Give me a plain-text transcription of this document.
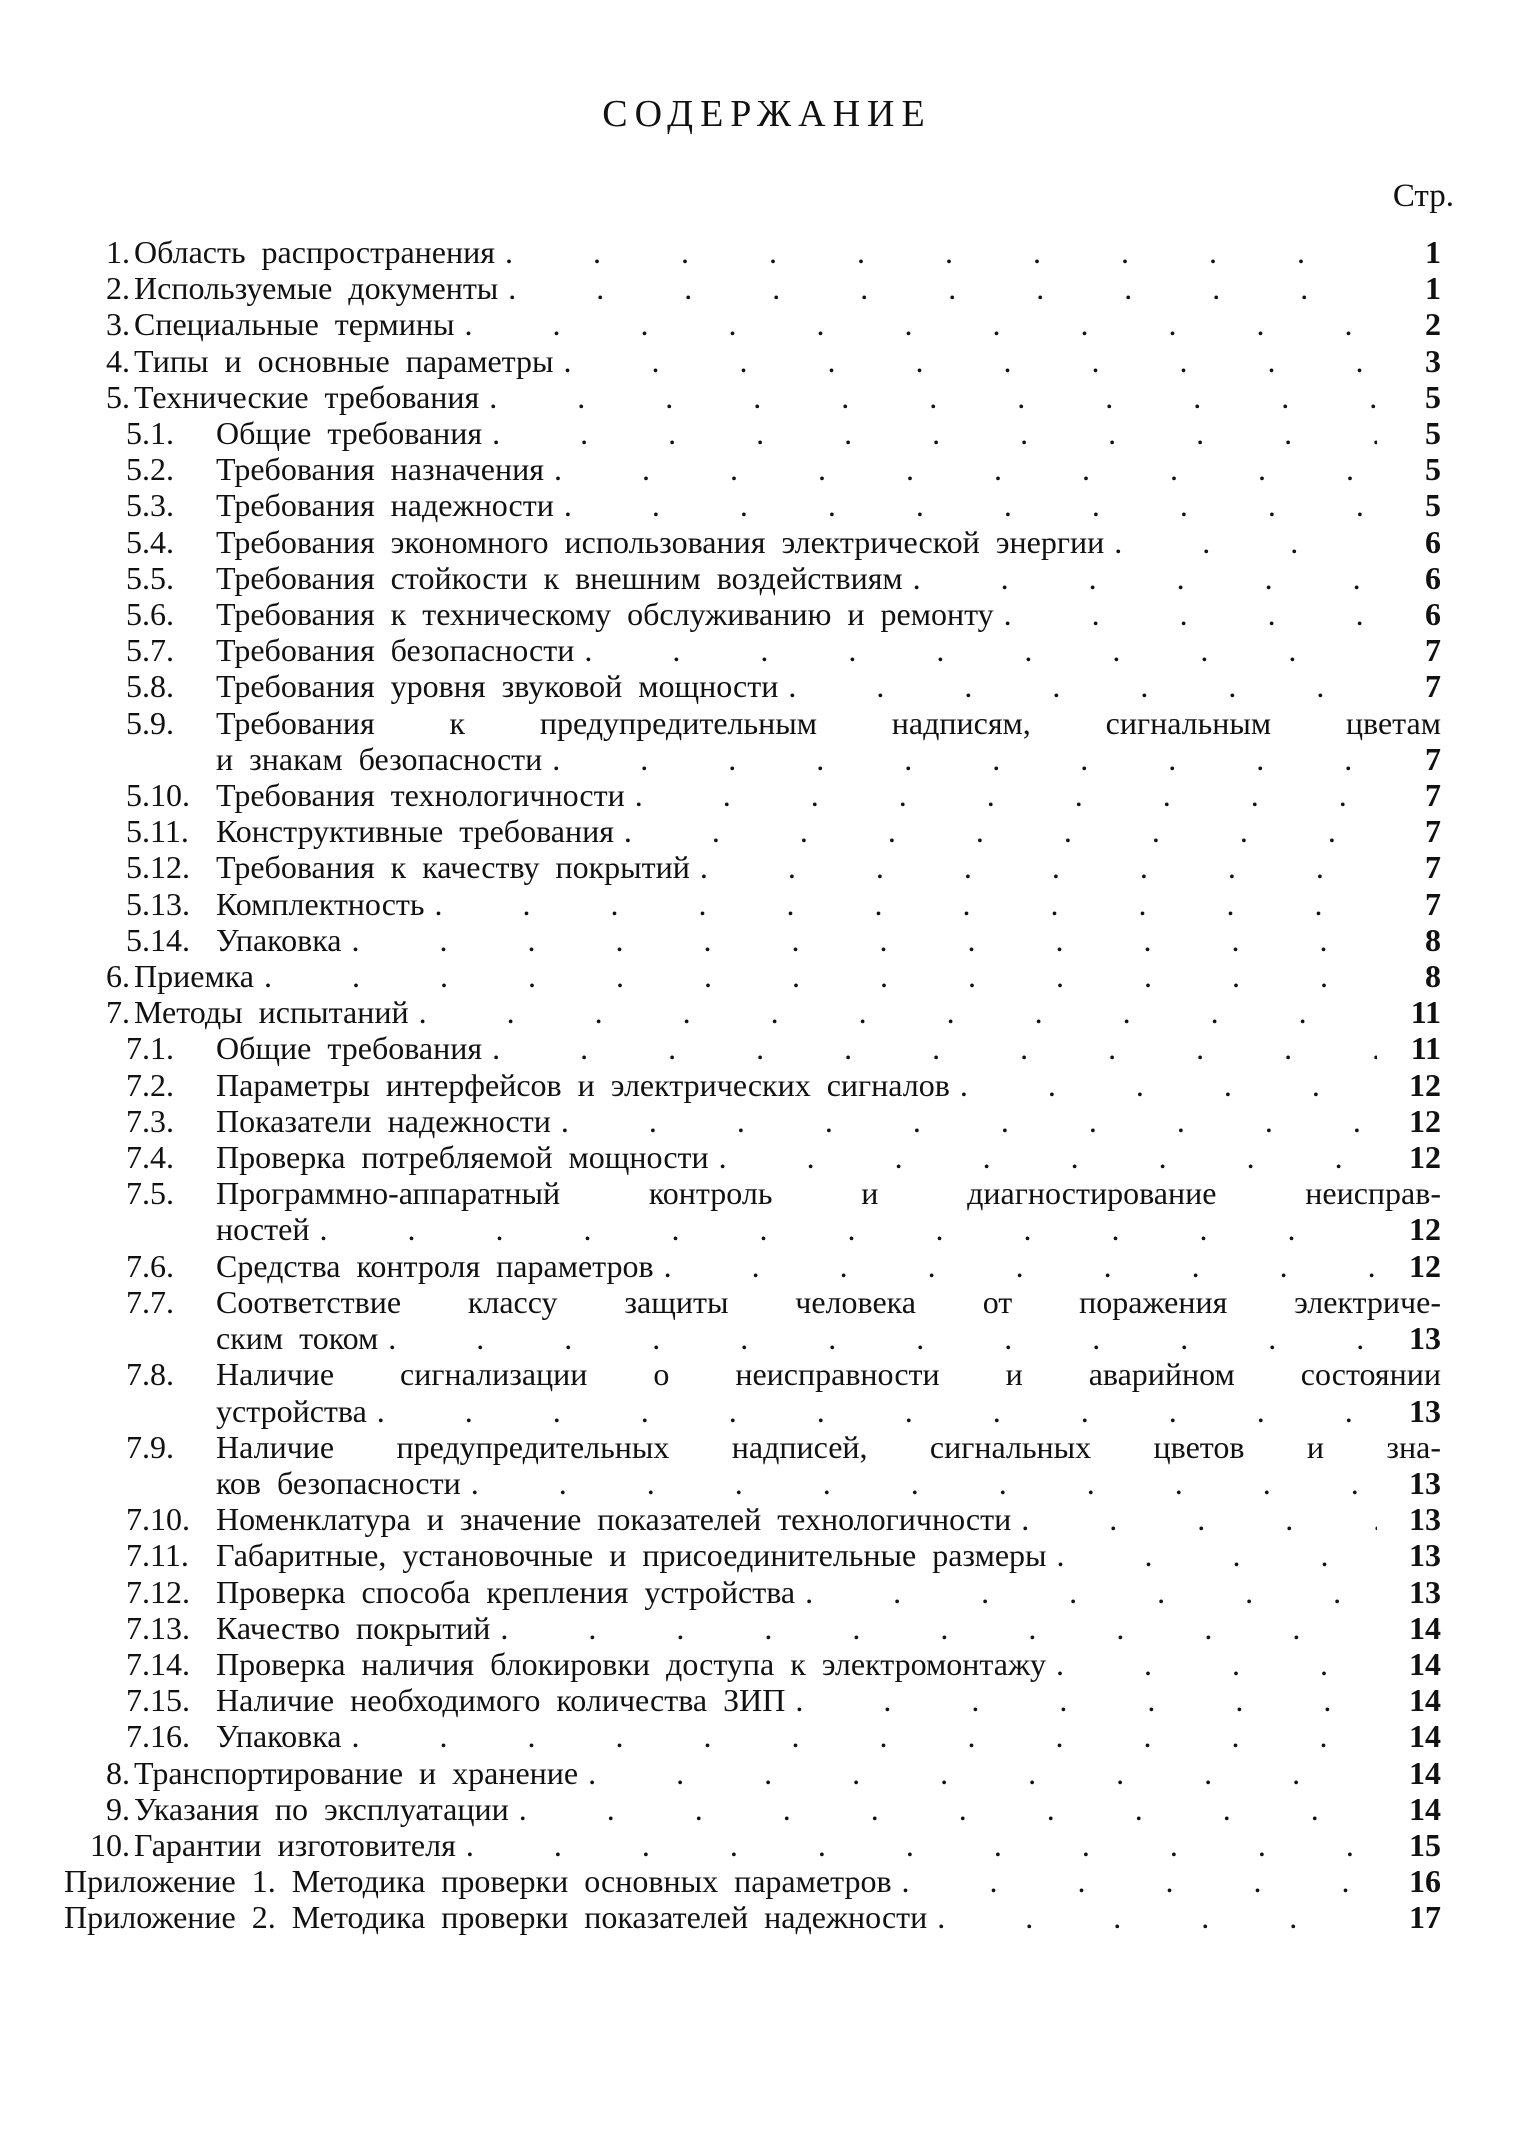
СОДЕРЖАНИЕ
Стр.
1. Область распространения .	1
2. Используемые документы .	1
3. Специальные термины .	2
4. Типы и основные параметры .	3
5. Технические требования .	5
5.1.	Общие требования .	5
5.2.	Требования назначения .	5
5.3.	Требования надежности .	5
5.4.	Требования экономного использования электрической энергии .	6
5.5.	Требования стойкости к внешним воздействиям .	6
5.6.	Требования к техническому обслуживанию и ремонту .	6
5.7.	Требования безопасности .	7
5.8.	Требования уровня звуковой мощности .	7
5.9.	Требования к предупредительным надписям, сигнальным цветам
и знакам безопасности .	7
5.10. Требования технологичности .	7
5.11. Конструктивные требования .	7
5.12. Требования к качеству покрытий .	7
5.13. Комплектность .	7
5.14. Упаковка .	8
6. Приемка .	8
7. Методы испытаний .	11
7.1.	Общие требования .	11
7.2.	Параметры интерфейсов и электрических сигналов .	12
7.3.	Показатели надежности .	12
7.4.	Проверка потребляемой мощности .	12
7.5.	Программно-аппаратный контроль и диагностирование неисправ-
ностей .	12
7.6.	Средства контроля параметров .	12
7.7.	Соответствие классу защиты человека от поражения электриче-
ским током .	13
7.8.	Наличие сигнализации о неисправности и аварийном состоянии
устройства .	13
7.9.	Наличие предупредительных надписей, сигнальных цветов и зна-
ков безопасности .	13
7.10. Номенклатура и значение показателей технологичности .	13
7.11. Габаритные, установочные и присоединительные размеры .	13
7.12. Проверка способа крепления устройства .	13
7.13. Качество покрытий .	14
7.14. Проверка наличия блокировки доступа к электромонтажу .	14
7.15. Наличие необходимого количества ЗИП .	14
7.16. Упаковка .	14
8. Транспортирование и хранение .	14
9. Указания по эксплуатации .	14
10. Гарантии изготовителя .	15
Приложение 1. Методика проверки основных параметров .	16
Приложение 2. Методика проверки показателей надежности .	17
